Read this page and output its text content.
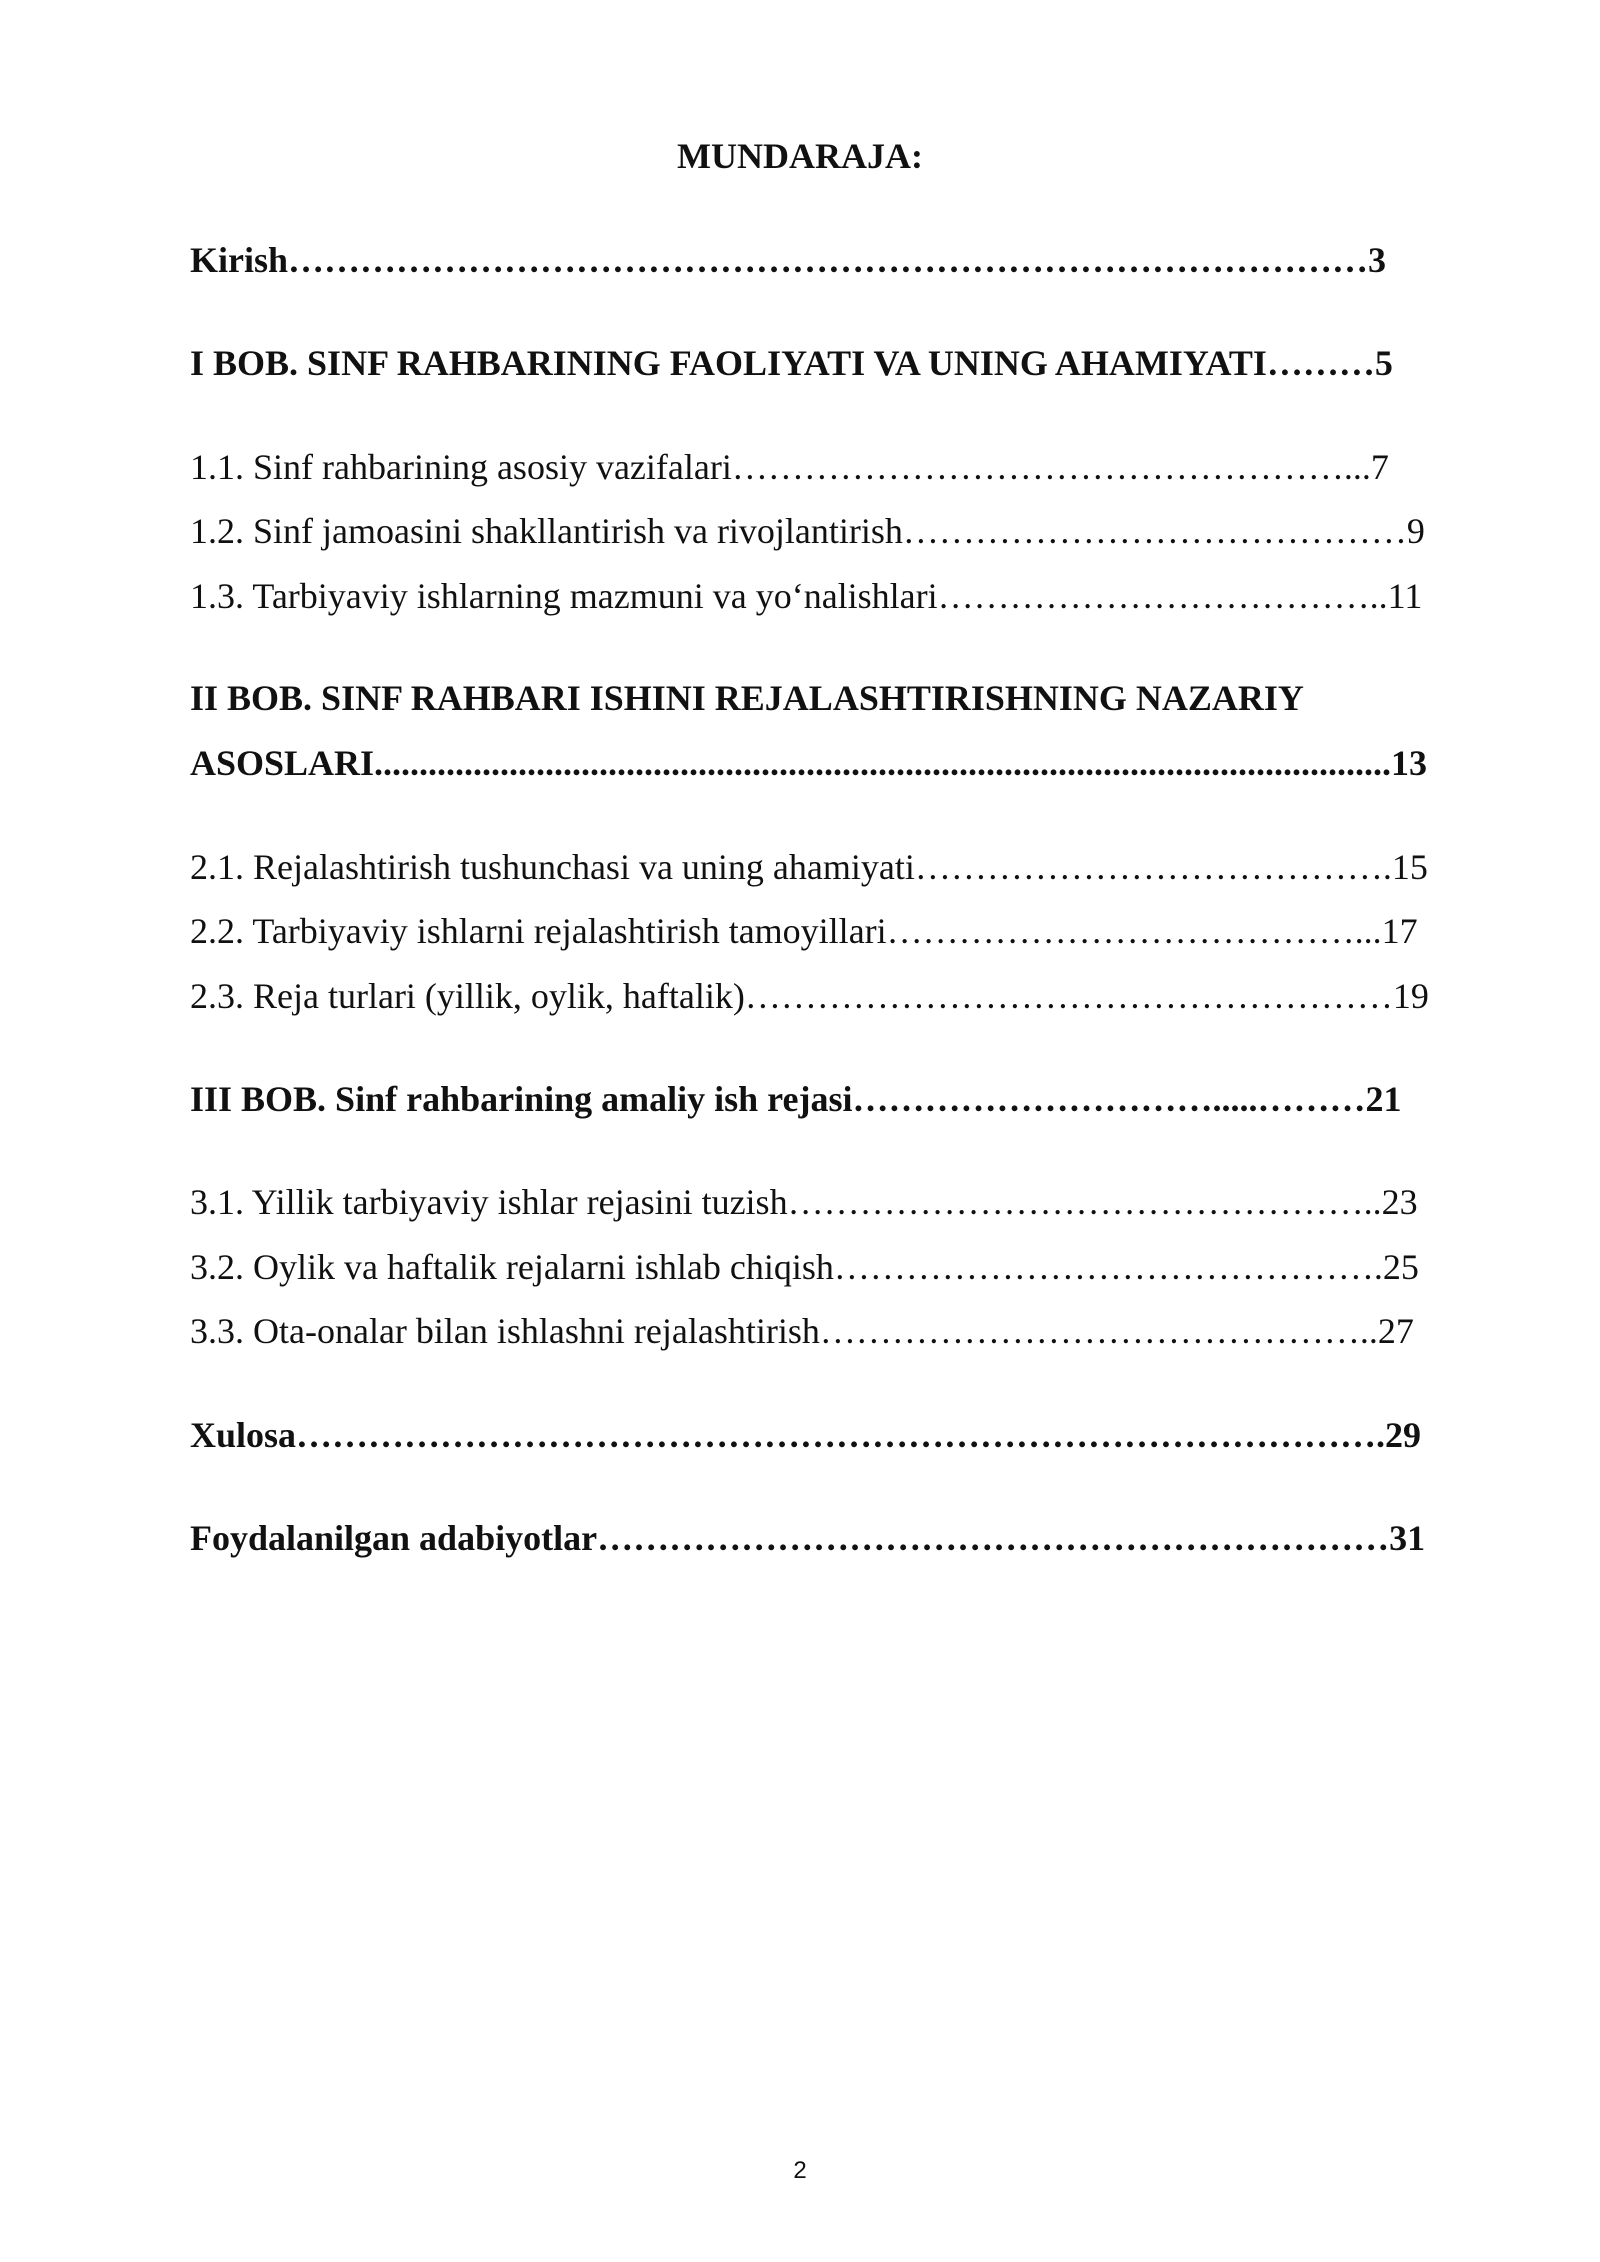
MUNDARAJA:
Kirish………………………………………………………………………………3
I BOB. SINF RAHBARINING FAOLIYATI VA UNING AHAMIYATI………5
1.1. Sinf rahbarining asosiy vazifalari……………………………………………...7
1.2. Sinf jamoasini shakllantirish va rivojlantirish……………………………………9
1.3. Tarbiyaviy ishlarning mazmuni va yo‘nalishlari………………………………..11
II BOB. SINF RAHBARI ISHINI REJALASHTIRISHNING NAZARIY ASOSLARI.................................................................................................................13
2.1. Rejalashtirish tushunchasi va uning ahamiyati………………………………….15
2.2. Tarbiyaviy ishlarni rejalashtirish tamoyillari…………………………………...17
2.3. Reja turlari (yillik, oylik, haftalik)………………………………………………19
III BOB. Sinf rahbarining amaliy ish rejasi………………………….....………21
3.1. Yillik tarbiyaviy ishlar rejasini tuzish…………………………………………..23
3.2. Oylik va haftalik rejalarni ishlab chiqish……………………………………….25
3.3. Ota-onalar bilan ishlashni rejalashtirish………………………………………..27
Xulosa……………………………………………………………………………….29
Foydalanilgan adabiyotlar…………………………………………………………31
2
